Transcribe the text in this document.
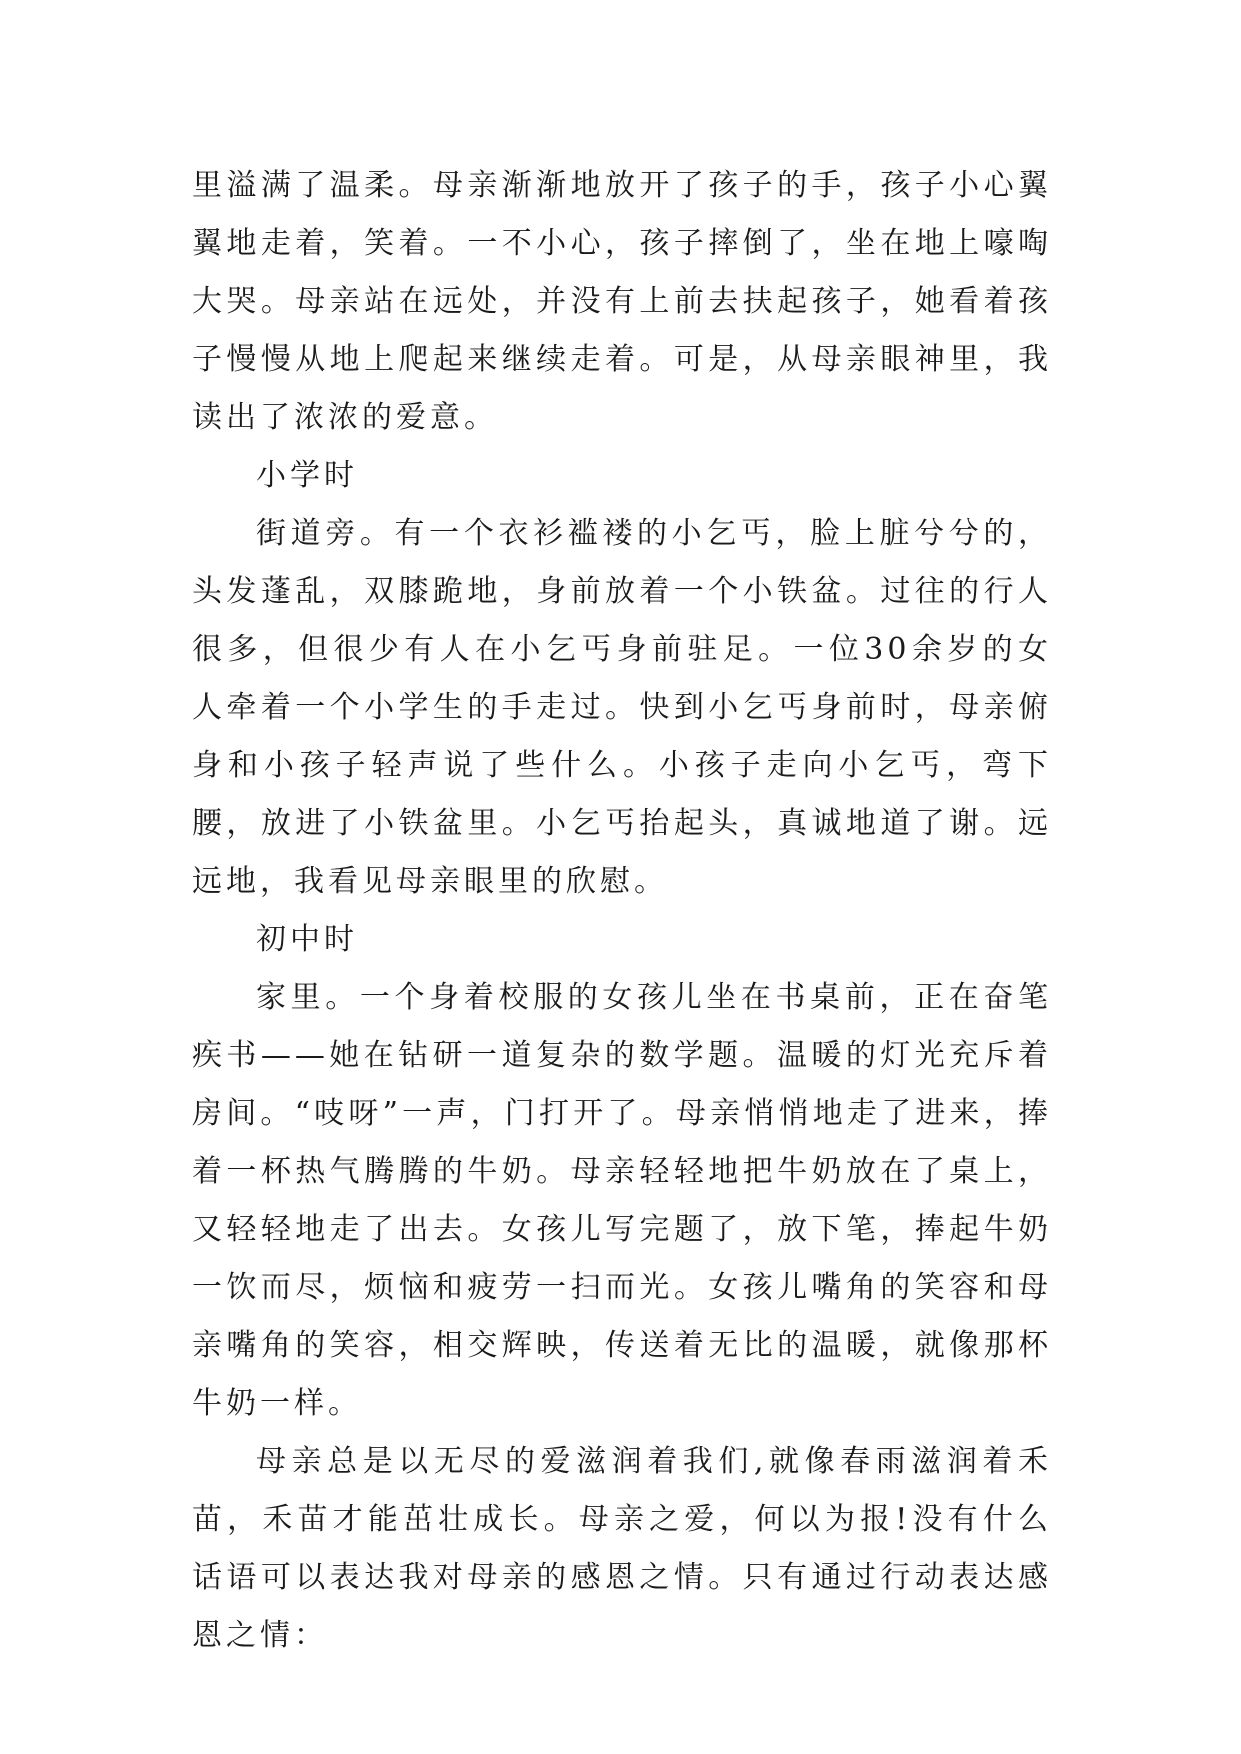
里溢满了温柔。母亲渐渐地放开了孩子的手，孩子小心翼翼地走着，笑着。一不小心，孩子摔倒了，坐在地上嚎啕大哭。母亲站在远处，并没有上前去扶起孩子，她看着孩子慢慢从地上爬起来继续走着。可是，从母亲眼神里，我读出了浓浓的爱意。

小学时

街道旁。有一个衣衫褴褛的小乞丐，脸上脏兮兮的，头发蓬乱，双膝跪地，身前放着一个小铁盆。过往的行人很多，但很少有人在小乞丐身前驻足。一位30余岁的女人牵着一个小学生的手走过。快到小乞丐身前时，母亲俯身和小孩子轻声说了些什么。小孩子走向小乞丐，弯下腰，放进了小铁盆里。小乞丐抬起头，真诚地道了谢。远远地，我看见母亲眼里的欣慰。

初中时

家里。一个身着校服的女孩儿坐在书桌前，正在奋笔疾书——她在钻研一道复杂的数学题。温暖的灯光充斥着房间。“吱呀”一声，门打开了。母亲悄悄地走了进来，捧着一杯热气腾腾的牛奶。母亲轻轻地把牛奶放在了桌上，又轻轻地走了出去。女孩儿写完题了，放下笔，捧起牛奶一饮而尽，烦恼和疲劳一扫而光。女孩儿嘴角的笑容和母亲嘴角的笑容，相交辉映，传送着无比的温暖，就像那杯牛奶一样。

母亲总是以无尽的爱滋润着我们,就像春雨滋润着禾苗，禾苗才能茁壮成长。母亲之爱，何以为报!没有什么话语可以表达我对母亲的感恩之情。只有通过行动表达感恩之情：
